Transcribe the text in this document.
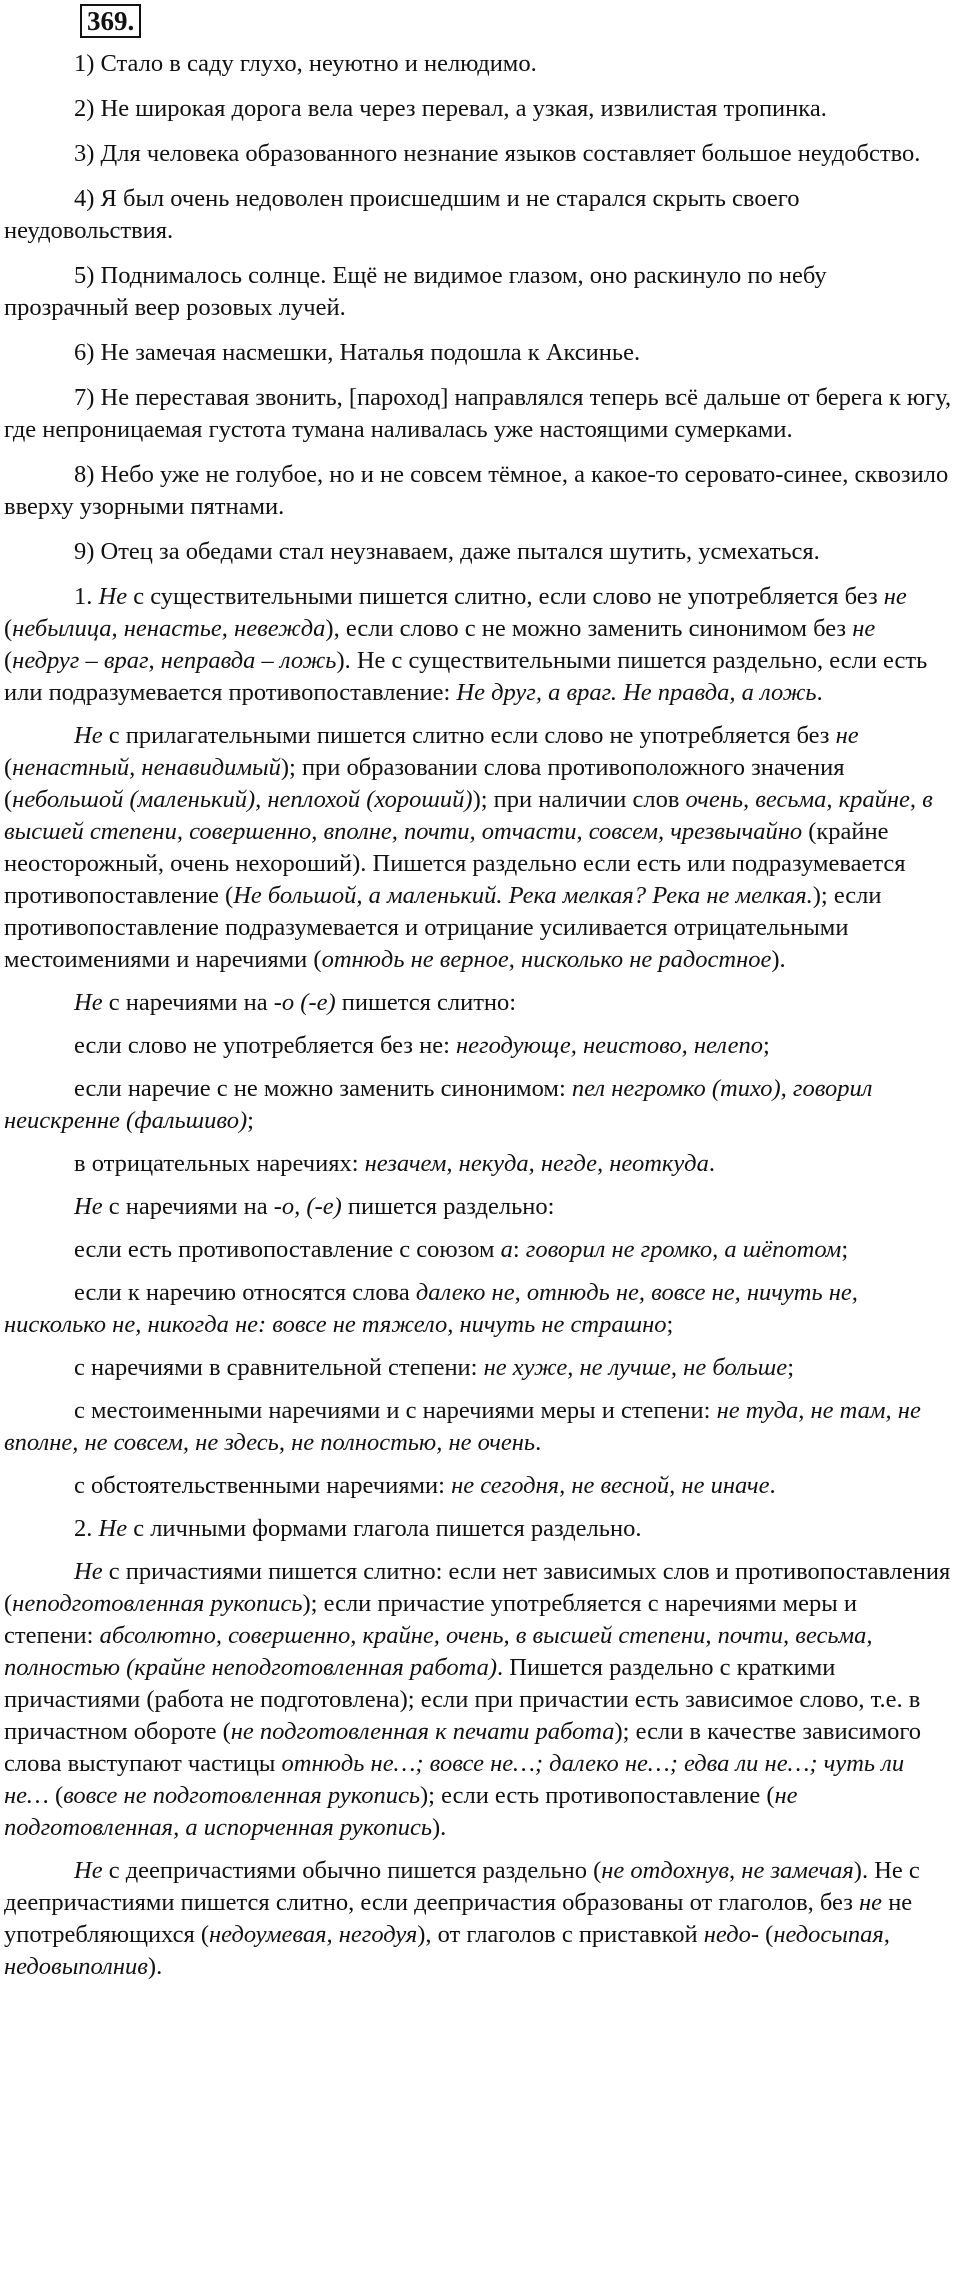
369.

1) Стало в саду глухо, неуютно и нелюдимо.

2) Не широкая дорога вела через перевал, а узкая, извилистая тропинка.

3) Для человека образованного незнание языков составляет большое неудобство.

4) Я был очень недоволен происшедшим и не старался скрыть своего неудовольствия.

5) Поднималось солнце. Ещё не видимое глазом, оно раскинуло по небу прозрачный веер розовых лучей.

6) Не замечая насмешки, Наталья подошла к Аксинье.

7) Не переставая звонить, [пароход] направлялся теперь всё дальше от берега к югу, где непроницаемая густота тумана наливалась уже настоящими сумерками.

8) Небо уже не голубое, но и не совсем тёмное, а какое-то серовато-синее, сквозило вверху узорными пятнами.

9) Отец за обедами стал неузнаваем, даже пытался шутить, усмехаться.

1. Не с существительными пишется слитно, если слово не употребляется без не (небылица, ненастье, невежда), если слово с не можно заменить синонимом без не (недруг – враг, неправда – ложь). Не с существительными пишется раздельно, если есть или подразумевается противопоставление: Не друг, а враг. Не правда, а ложь.

Не с прилагательными пишется слитно если слово не употребляется без не (ненастный, ненавидимый); при образовании слова противоположного значения (небольшой (маленький), неплохой (хороший)); при наличии слов очень, весьма, крайне, в высшей степени, совершенно, вполне, почти, отчасти, совсем, чрезвычайно (крайне неосторожный, очень нехороший). Пишется раздельно если есть или подразумевается противопоставление (Не большой, а маленький. Река мелкая? Река не мелкая.); если противопоставление подразумевается и отрицание усиливается отрицательными местоимениями и наречиями (отнюдь не верное, нисколько не радостное).

Не с наречиями на -о (-е) пишется слитно:

если слово не употребляется без не: негодующе, неистово, нелепо;

если наречие с не можно заменить синонимом: пел негромко (тихо), говорил неискренне (фальшиво);

в отрицательных наречиях: незачем, некуда, негде, неоткуда.

Не с наречиями на -о, (-е) пишется раздельно:

если есть противопоставление с союзом а: говорил не громко, а шёпотом;

если к наречию относятся слова далеко не, отнюдь не, вовсе не, ничуть не, нисколько не, никогда не: вовсе не тяжело, ничуть не страшно;

с наречиями в сравнительной степени: не хуже, не лучше, не больше;

с местоименными наречиями и с наречиями меры и степени: не туда, не там, не вполне, не совсем, не здесь, не полностью, не очень.

с обстоятельственными наречиями: не сегодня, не весной, не иначе.

2. Не с личными формами глагола пишется раздельно.

Не с причастиями пишется слитно: если нет зависимых слов и противопоставления (неподготовленная рукопись); если причастие употребляется с наречиями меры и степени: абсолютно, совершенно, крайне, очень, в высшей степени, почти, весьма, полностью (крайне неподготовленная работа). Пишется раздельно с краткими причастиями (работа не подготовлена); если при причастии есть зависимое слово, т.е. в причастном обороте (не подготовленная к печати работа); если в качестве зависимого слова выступают частицы отнюдь не…; вовсе не…; далеко не…; едва ли не…; чуть ли не… (вовсе не подготовленная рукопись); если есть противопоставление (не подготовленная, а испорченная рукопись).

Не с деепричастиями обычно пишется раздельно (не отдохнув, не замечая). Не с деепричастиями пишется слитно, если деепричастия образованы от глаголов, без не не употребляющихся (недоумевая, негодуя), от глаголов с приставкой недо- (недосыпая, недовыполнив).
